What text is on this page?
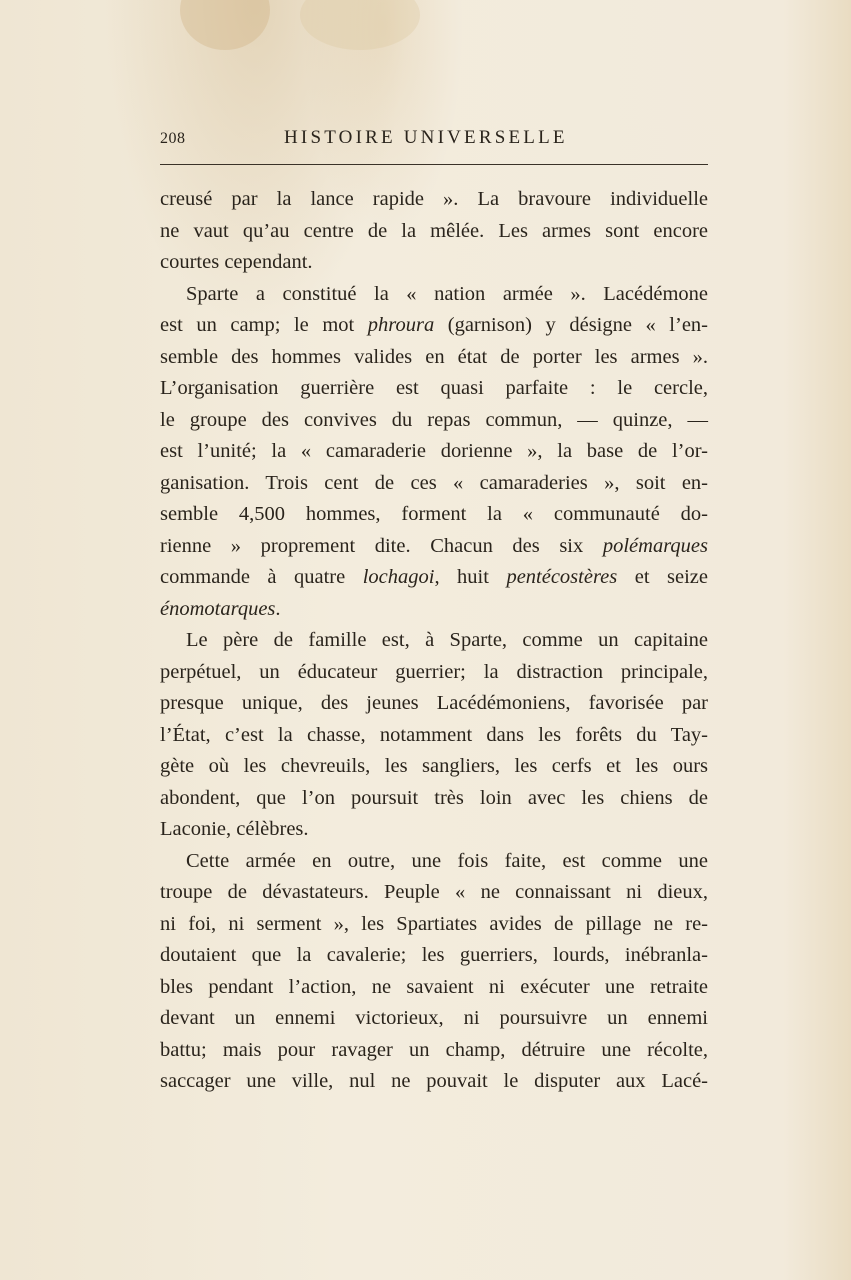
208	HISTOIRE UNIVERSELLE
creusé par la lance rapide ». La bravoure individuelle
ne vaut qu’au centre de la mêlée. Les armes sont encore
courtes cependant.
Sparte a constitué la « nation armée ». Lacédémone
est un camp; le mot phroura (garnison) y désigne « l’en-
semble des hommes valides en état de porter les armes ».
L’organisation guerrière est quasi parfaite : le cercle,
le groupe des convives du repas commun, — quinze, —
est l’unité; la « camaraderie dorienne », la base de l’or-
ganisation. Trois cent de ces « camaraderies », soit en-
semble 4,500 hommes, forment la « communauté do-
rienne » proprement dite. Chacun des six polémarques
commande à quatre lochagoi, huit pentécostères et seize
énomotarques.
Le père de famille est, à Sparte, comme un capitaine
perpétuel, un éducateur guerrier; la distraction principale,
presque unique, des jeunes Lacédémoniens, favorisée par
l’État, c’est la chasse, notamment dans les forêts du Tay-
gète où les chevreuils, les sangliers, les cerfs et les ours
abondent, que l’on poursuit très loin avec les chiens de
Laconie, célèbres.
Cette armée en outre, une fois faite, est comme une
troupe de dévastateurs. Peuple « ne connaissant ni dieux,
ni foi, ni serment », les Spartiates avides de pillage ne re-
doutaient que la cavalerie; les guerriers, lourds, inébranla-
bles pendant l’action, ne savaient ni exécuter une retraite
devant un ennemi victorieux, ni poursuivre un ennemi
battu; mais pour ravager un champ, détruire une récolte,
saccager une ville, nul ne pouvait le disputer aux Lacé-
